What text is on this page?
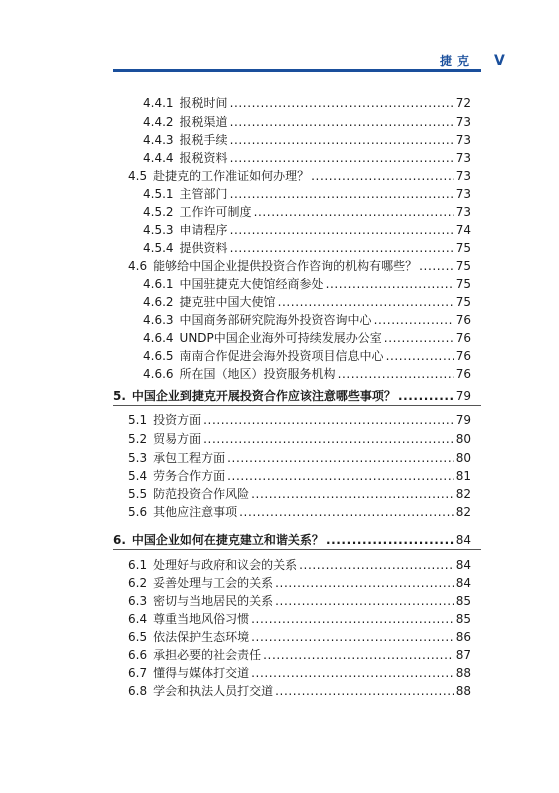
捷克 V
4.4.1 报税时间 .....	72
4.4.2 报税渠道 .....	73
4.4.3 报税手续 .....	73
4.4.4 报税资料 .....	73
4.5 赴捷克的工作准证如何办理？ .....	73
4.5.1 主管部门 .....	73
4.5.2 工作许可制度 .....	73
4.5.3 申请程序 .....	74
4.5.4 提供资料 .....	75
4.6 能够给中国企业提供投资合作咨询的机构有哪些？ .....	75
4.6.1 中国驻捷克大使馆经商参处 .....	75
4.6.2 捷克驻中国大使馆 .....	75
4.6.3 中国商务部研究院海外投资咨询中心 .....	76
4.6.4 UNDP中国企业海外可持续发展办公室 .....	76
4.6.5 南南合作促进会海外投资项目信息中心 .....	76
4.6.6 所在国（地区）投资服务机构 .....	76
5. 中国企业到捷克开展投资合作应该注意哪些事项？ .....	79
5.1 投资方面 .....	79
5.2 贸易方面 .....	80
5.3 承包工程方面 .....	80
5.4 劳务合作方面 .....	81
5.5 防范投资合作风险 .....	82
5.6 其他应注意事项 .....	82
6. 中国企业如何在捷克建立和谐关系？ .....	84
6.1 处理好与政府和议会的关系 .....	84
6.2 妥善处理与工会的关系 .....	84
6.3 密切与当地居民的关系 .....	85
6.4 尊重当地风俗习惯 .....	85
6.5 依法保护生态环境 .....	86
6.6 承担必要的社会责任 .....	87
6.7 懂得与媒体打交道 .....	88
6.8 学会和执法人员打交道 .....	88
